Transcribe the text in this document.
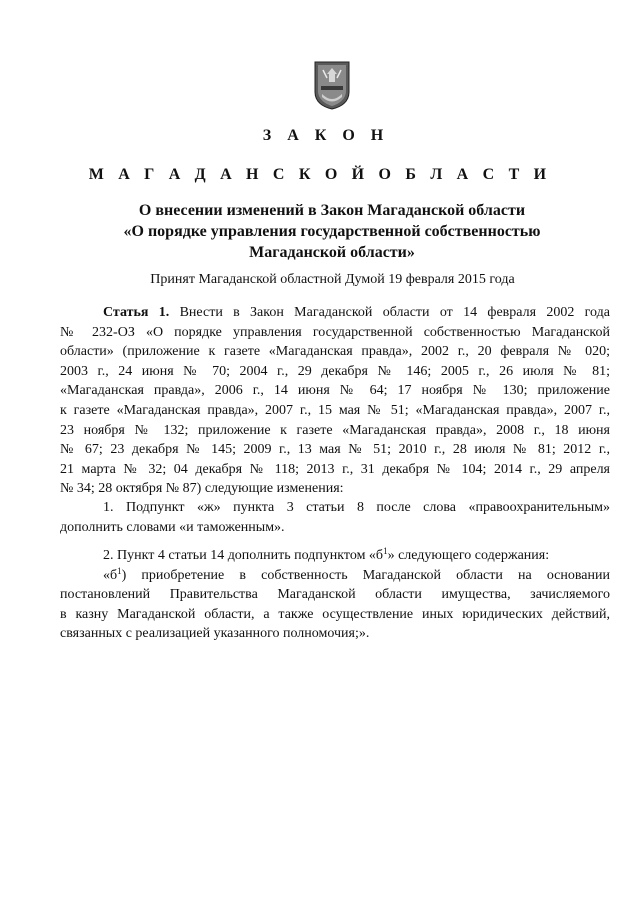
З А К О Н
М А Г А Д А Н С К О Й О Б Л А С Т И
О внесении изменений в Закон Магаданской области
«О порядке управления государственной собственностью
Магаданской области»
Принят Магаданской областной Думой 19 февраля 2015 года
Статья 1. Внести в Закон Магаданской области от 14 февраля 2002 года
№ 232-ОЗ «О порядке управления государственной собственностью Магаданской
области» (приложение к газете «Магаданская правда», 2002 г., 20 февраля № 020;
2003 г., 24 июня № 70; 2004 г., 29 декабря № 146; 2005 г., 26 июля № 81;
«Магаданская правда», 2006 г., 14 июня № 64; 17 ноября № 130; приложение
к газете «Магаданская правда», 2007 г., 15 мая № 51; «Магаданская правда», 2007 г.,
23 ноября № 132; приложение к газете «Магаданская правда», 2008 г., 18 июня
№ 67; 23 декабря № 145; 2009 г., 13 мая № 51; 2010 г., 28 июля № 81; 2012 г.,
21 марта № 32; 04 декабря № 118; 2013 г., 31 декабря № 104; 2014 г., 29 апреля
№ 34; 28 октября № 87) следующие изменения:
1. Подпункт «ж» пункта 3 статьи 8 после слова «правоохранительным»
дополнить словами «и таможенным».
2. Пункт 4 статьи 14 дополнить подпунктом «$б^1$» следующего содержания:
«$б^1$) приобретение в собственность Магаданской области на основании
постановлений Правительства Магаданской области имущества, зачисляемого
в казну Магаданской области, а также осуществление иных юридических действий,
связанных с реализацией указанного полномочия;».
